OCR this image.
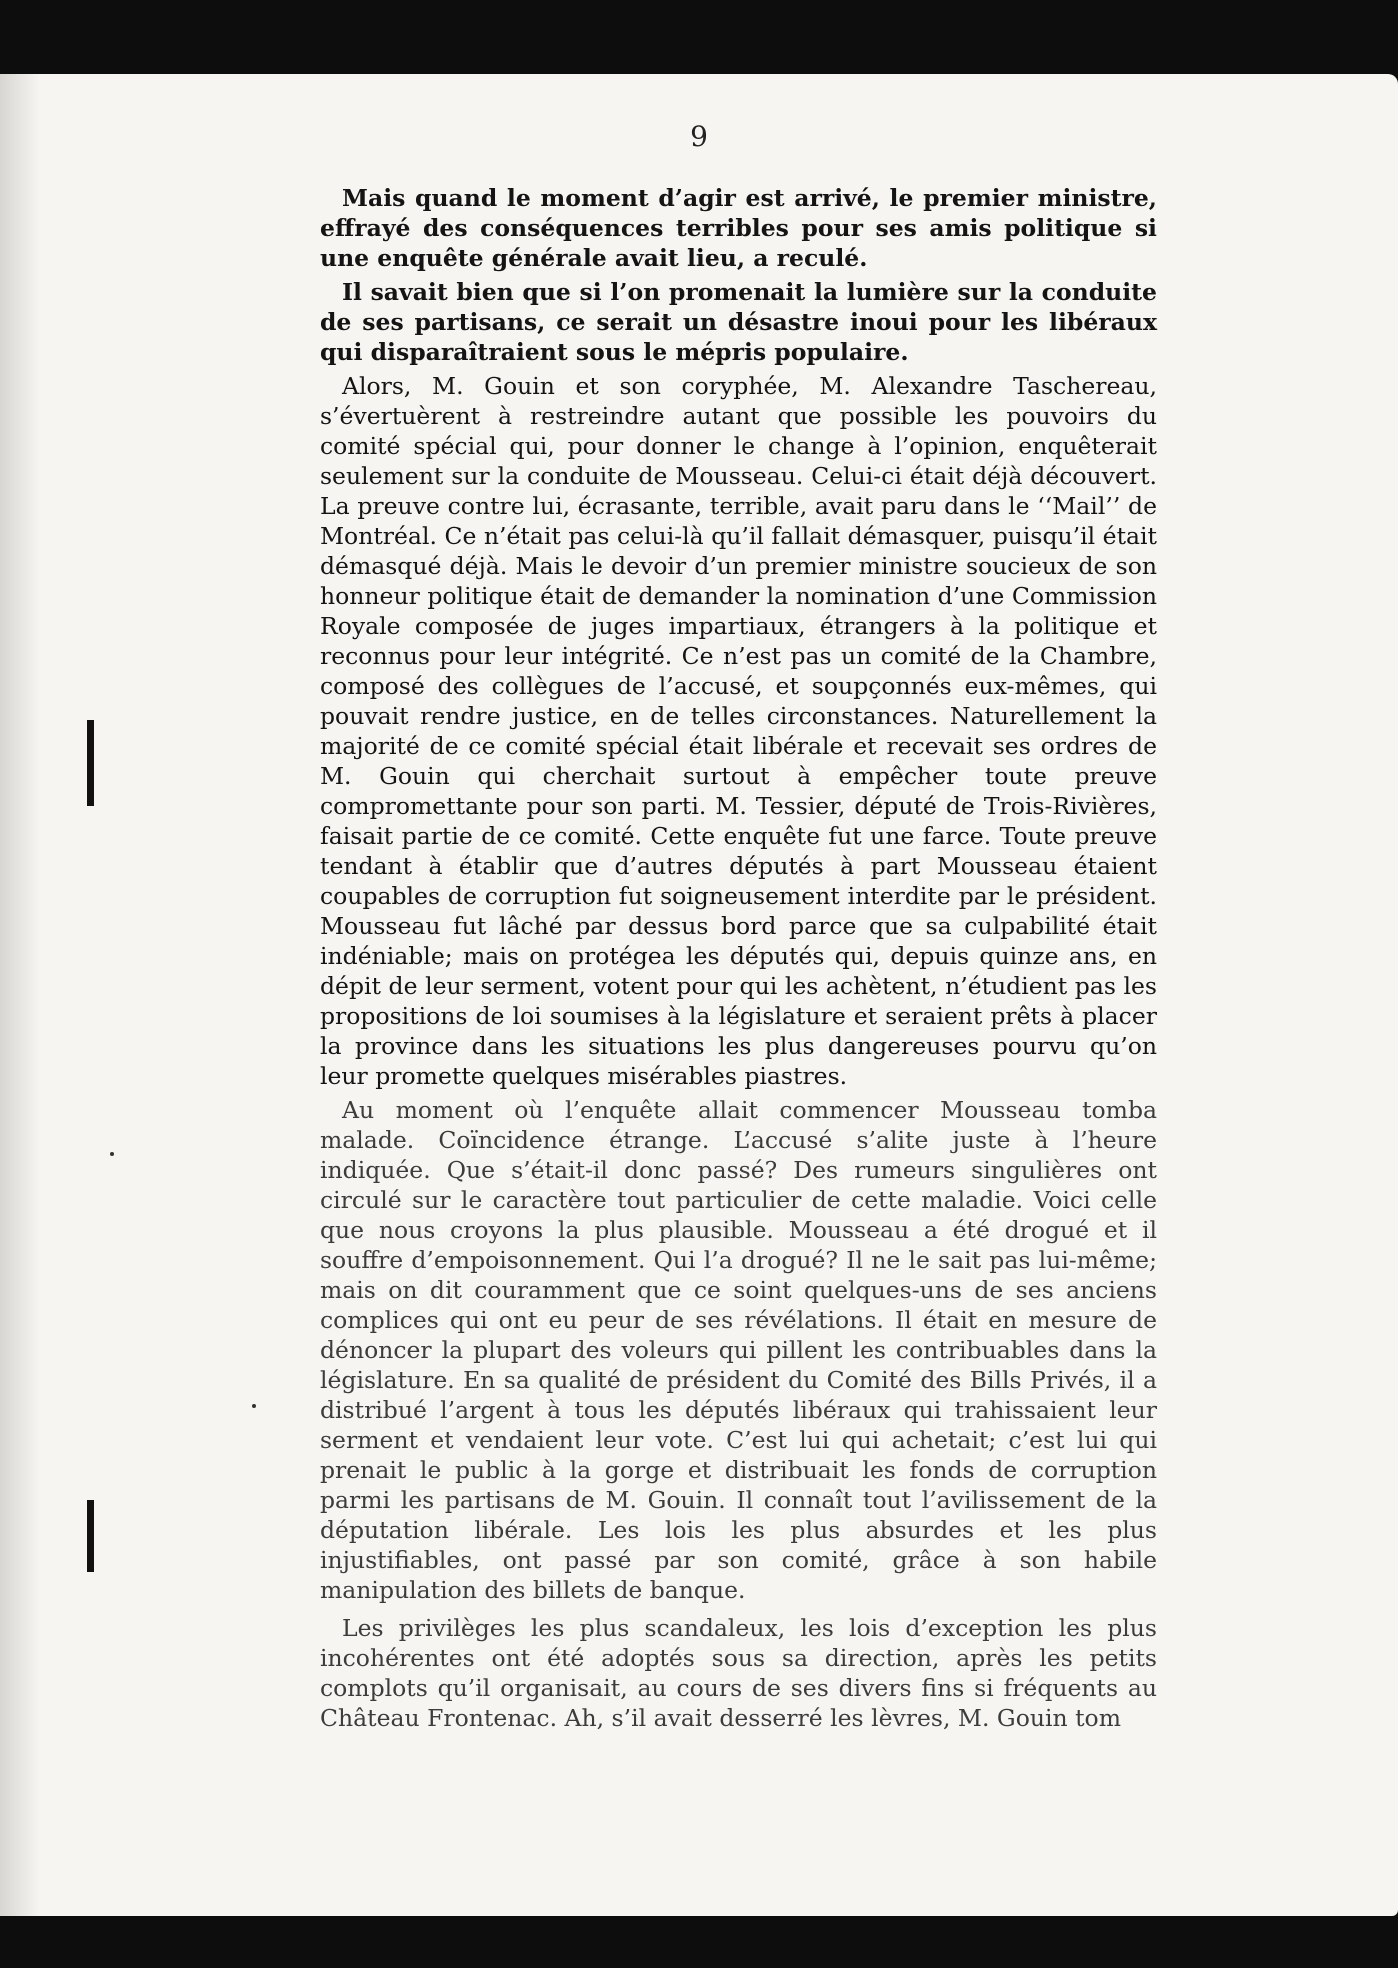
9

Mais quand le moment d’agir est arrivé, le premier ministre, effrayé des conséquences terribles pour ses amis politique si une enquête générale avait lieu, a reculé.

Il savait bien que si l’on promenait la lumière sur la conduite de ses partisans, ce serait un désastre inoui pour les libéraux qui disparaîtraient sous le mépris populaire.

Alors, M. Gouin et son coryphée, M. Alexandre Taschereau, s’évertuèrent à restreindre autant que possible les pouvoirs du comité spécial qui, pour donner le change à l’opinion, enquêterait seulement sur la conduite de Mousseau. Celui-ci était déjà découvert. La preuve contre lui, écrasante, terrible, avait paru dans le ‘‘Mail’’ de Montréal. Ce n’était pas celui-là qu’il fallait démasquer, puisqu’il était démasqué déjà. Mais le devoir d’un premier ministre soucieux de son honneur politique était de demander la nomination d’une Commission Royale composée de juges impartiaux, étrangers à la politique et reconnus pour leur intégrité. Ce n’est pas un comité de la Chambre, composé des collègues de l’accusé, et soupçonnés eux-mêmes, qui pouvait rendre justice, en de telles circonstances. Naturellement la majorité de ce comité spécial était libérale et recevait ses ordres de M. Gouin qui cherchait surtout à empêcher toute preuve compromettante pour son parti. M. Tessier, député de Trois-Rivières, faisait partie de ce comité. Cette enquête fut une farce. Toute preuve tendant à établir que d’autres députés à part Mousseau étaient coupables de corruption fut soigneusement interdite par le président. Mousseau fut lâché par dessus bord parce que sa culpabilité était indéniable; mais on protégea les députés qui, depuis quinze ans, en dépit de leur serment, votent pour qui les achètent, n’étudient pas les propositions de loi soumises à la législature et seraient prêts à placer la province dans les situations les plus dangereuses pourvu qu’on leur promette quelques misérables piastres.

Au moment où l’enquête allait commencer Mousseau tomba malade. Coïncidence étrange. L’accusé s’alite juste à l’heure indiquée. Que s’était-il donc passé? Des rumeurs singulières ont circulé sur le caractère tout particulier de cette maladie. Voici celle que nous croyons la plus plausible. Mousseau a été drogué et il souffre d’empoisonnement. Qui l’a drogué? Il ne le sait pas lui-même; mais on dit couramment que ce soint quelques-uns de ses anciens complices qui ont eu peur de ses révélations. Il était en mesure de dénoncer la plupart des voleurs qui pillent les contribuables dans la législature. En sa qualité de président du Comité des Bills Privés, il a distribué l’argent à tous les députés libéraux qui trahissaient leur serment et vendaient leur vote. C’est lui qui achetait; c’est lui qui prenait le public à la gorge et distribuait les fonds de corruption parmi les partisans de M. Gouin. Il connaît tout l’avilissement de la députation libérale. Les lois les plus absurdes et les plus injustifiables, ont passé par son comité, grâce à son habile manipulation des billets de banque.

Les privilèges les plus scandaleux, les lois d’exception les plus incohérentes ont été adoptés sous sa direction, après les petits complots qu’il organisait, au cours de ses divers fins si fréquents au Château Frontenac. Ah, s’il avait desserré les lèvres, M. Gouin tom
